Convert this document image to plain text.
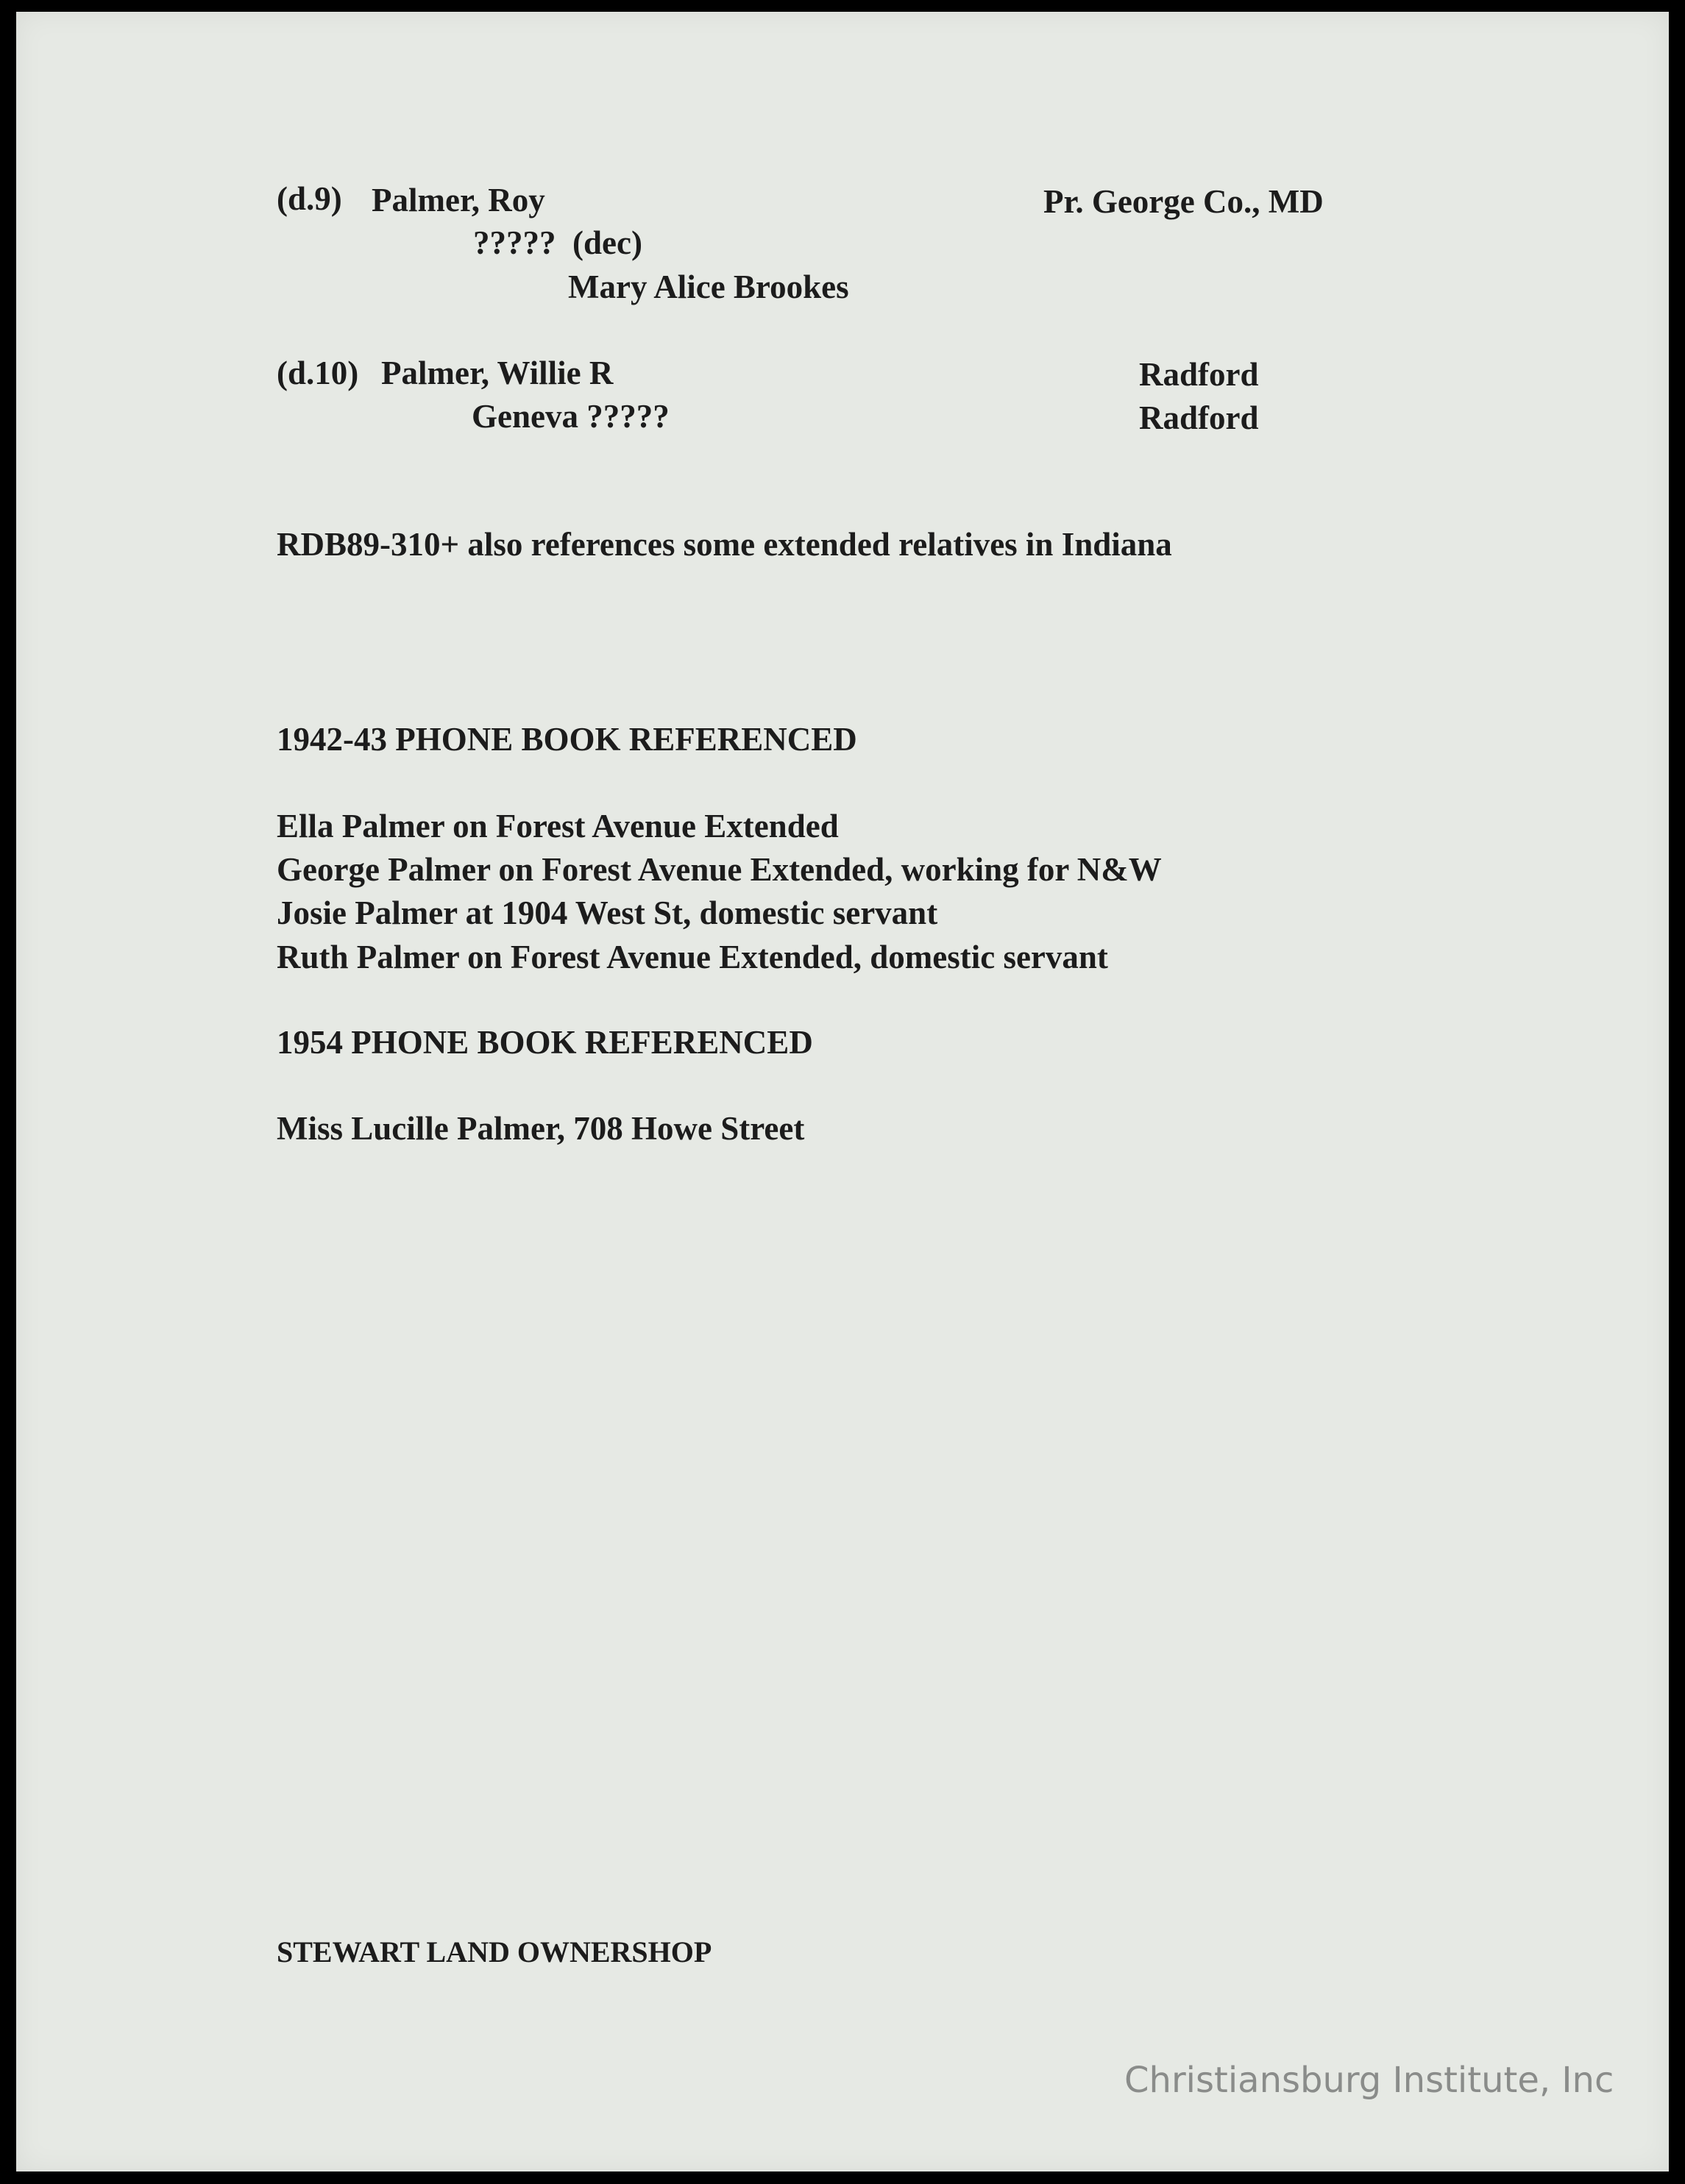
(d.9) Palmer, Roy	Pr. George Co., MD
?????  (dec)
Mary Alice Brookes
(d.10) Palmer, Willie R	Radford
Geneva ?????	Radford
RDB89-310+ also references some extended relatives in Indiana
1942-43 PHONE BOOK REFERENCED
Ella Palmer on Forest Avenue Extended
George Palmer on Forest Avenue Extended, working for N&W
Josie Palmer at 1904 West St, domestic servant
Ruth Palmer on Forest Avenue Extended, domestic servant
1954 PHONE BOOK REFERENCED
Miss Lucille Palmer, 708 Howe Street
STEWART LAND OWNERSHOP
Christiansburg Institute, Inc
